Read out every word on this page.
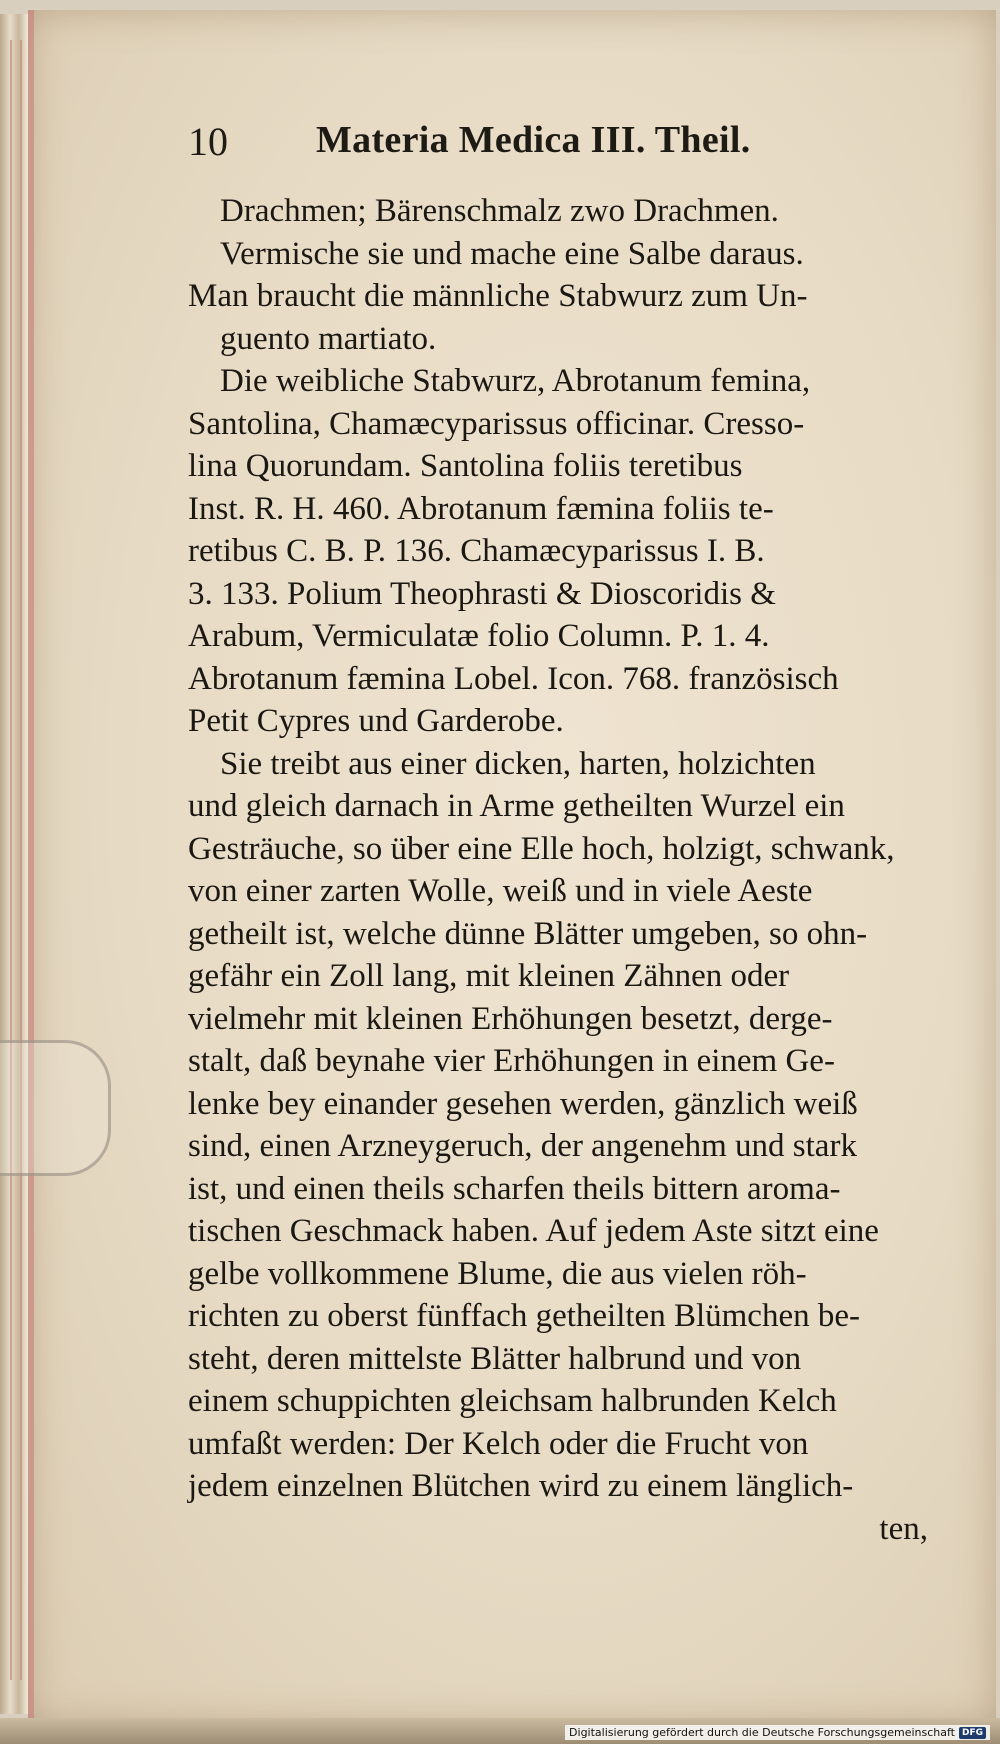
10 Materia Medica III. Theil.
Drachmen; Bärenschmalz zwo Drachmen.
Vermische sie und mache eine Salbe daraus.
Man braucht die männliche Stabwurz zum Un-
guento martiato.
Die weibliche Stabwurz, Abrotanum femina,
Santolina, Chamæcyparissus officinar. Cresso-
lina Quorundam. Santolina foliis teretibus
Inst. R. H. 460. Abrotanum fæmina foliis te-
retibus C. B. P. 136. Chamæcyparissus I. B.
3. 133. Polium Theophrasti & Dioscoridis &
Arabum, Vermiculatæ folio Column. P. 1. 4.
Abrotanum fæmina Lobel. Icon. 768. französisch
Petit Cypres und Garderobe.
Sie treibt aus einer dicken, harten, holzichten
und gleich darnach in Arme getheilten Wurzel ein
Gesträuche, so über eine Elle hoch, holzigt, schwank,
von einer zarten Wolle, weiß und in viele Aeste
getheilt ist, welche dünne Blätter umgeben, so ohn-
gefähr ein Zoll lang, mit kleinen Zähnen oder
vielmehr mit kleinen Erhöhungen besetzt, derge-
stalt, daß beynahe vier Erhöhungen in einem Ge-
lenke bey einander gesehen werden, gänzlich weiß
sind, einen Arzneygeruch, der angenehm und stark
ist, und einen theils scharfen theils bittern aroma-
tischen Geschmack haben. Auf jedem Aste sitzt eine
gelbe vollkommene Blume, die aus vielen röh-
richten zu oberst fünffach getheilten Blümchen be-
steht, deren mittelste Blätter halbrund und von
einem schuppichten gleichsam halbrunden Kelch
umfaßt werden: Der Kelch oder die Frucht von
jedem einzelnen Blütchen wird zu einem länglich-
ten,
Digitalisierung gefördert durch die Deutsche Forschungsgemeinschaft DFG
